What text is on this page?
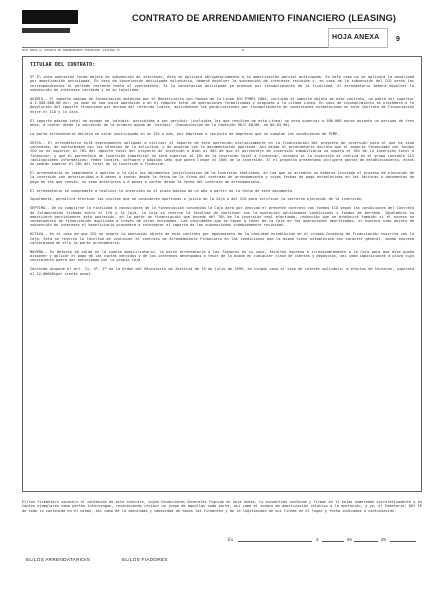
CONTRATO DE ARRENDAMIENTO FINANCIERO (LEASING)
HOJA ANEXA 9
HOJA ANEXA AL CONTRATO DE ARRENDAMIENTO FINANCIERO (LEASING) Nº	Nº
TITULAR DEL CONTRATO:

5º El esta operación forma objeto de subvención de intereses, ésta se aplicará obligatoriamente a la amortización parcial anticipada. En este caso no se aplicará la penalidad por amortización anticipada. En caso de cancelación anticipada voluntaria, deberá devolver la subvención de intereses recibida y, en caso de la subvención del ICO serán las correspondientes al período restante hasta el vencimiento. Si la cancelación anticipada se produce por incumplimiento de la finalidad, el arrendatario deberá devolver la subvención de intereses recibida y en su totalidad.

QUINTA.- El importe máximo de financiación obtenida por el Beneficiario con fondos de la Línea ICO PYMES 2004, incluido el importe objeto de este contrato, no podrá ser superior a 1.500.000,00 eur. ya sean en una única operación o en el cómputo total de operaciones formalizadas y acogidas a la citada Línea. En caso de incumplimiento se procederá a la devolución del importe financiado por encima del referido límite, aplicándose las penalizaciones por incumplimiento de condiciones establecidas en este Contrato de Financiación entre el ICO y la Caja.

El importe máximo total de ayudas de 'mínimis' percibidas o por percibir (incluidas las que resultan de esta Línea) no será superior a 100.000 euros durante un período de tres años, a contar desde la concesión de la primera ayuda de 'mínimis' (Comunicación de la Comisión 96/C 68/06, de 06.03.96).

La parte arrendataria declara no estar participada en un 25% o más, por empresas o conjunto de empresas que no cumplan las condiciones de PYME.

SEXTA.- El arrendatario está expresamente obligado a utilizar el importe de esta operación exclusivamente en la financiación del proyecto de inversión para el que ha sido concedida, de conformidad con los términos de la solicitud, y de acuerdo con la documentación aportada. Así mismo el arrendatario declara que el importe financiado con fondos ICO no es superior al 70% del importe total del proyecto de inversión o bien al 90% de que el porcentaje de inversión inmobiliaria no supera el 30% de la inversión total a financiar, y que el porcentaje de inversión inmaterial no será superior al 10% de la inversión total a financiar, excepto si la inversión se realiza en el grupo contable 215 (aplicaciones informáticas: redes locales, software y páginas web) que podrá llegar al 100% de la inversión. El el proyecto presentado incluyera gastos de establecimiento, éstos no podrán superar el 20% del total de la inversión a financiar.

El arrendatario se compromete a aportar a la Caja los documentos justificativos de la inversión realizada, en los que se acredite no haberse iniciado el proceso de ejecución de la inversión con anterioridad a 6 meses a contar desde la fecha de la firma del contrato de arrendamiento y cuyas fechas de pago establecidas en las facturas o documentos de pago en los que conste, no sean anteriores a 6 meses a contar desde la fecha del contrato de arrendamiento.

El arrendatario se compromete a realizar la inversión en el plazo máximo de un año a partir de la fecha de este documento.

Igualmente, permitirá efectuar las visitas que se consideren oportunas a juicio de la Caja o del ICO para verificar la correcta ejecución de la inversión.

SÉPTIMA.- De no cumplirse la finalidad ó condiciones de la financiación concedida la Caja dará por vencido el presente contrato con fondos ICO según las condiciones del Contrato de Colaboración firmado entre el ICO y la Caja, la Caja se reserva la facultad de continuar con la operación aplicándose condiciones y fondos de mercado. Igualmente se amortizará parcialmente esta operación, en la parte de financiación que exceda del 70% de la inversión real efectuada, reducción que se producirá también si el exceso se consecuencia de financiación duplicada a través de otras entidades. Las cantidades que se hayan a favor de la Caja en las operaciones amortizadas, si hubiera sido objeto de subvención de intereses el beneficiario procederá a reintegrar el importe de las subvenciones indebidamente recibidas.

OCTAVA.- En el caso de que ICO no acepte la operación objeto de este contrato por agotamiento de la cantidad establecida en el citado Convenio de Financiación suscrito con la Caja, ésta se reserva la facultad de continuar el contrato de Arrendamiento Financiero en las condiciones que la misma tiene establecida con carácter general, dando expresa conformidad de ello la parte arrendataria.

NOVENA.- En defecto de saldo en la cuenta domiciliataria, la parte arrendataria o los fiadores en su caso, faculten expresa e irrevocablemente a la Caja para que ésta pueda disponer y aplicar el pago de las cuotas vencidas y de los intereses devengados a favor de la misma en cualquier clase de cuentas y depósitos, así como imposiciones a plazo cuyo vencimiento podrá ser anticipado por la propia Caja.

Conforme dispone el art. 11, 4º, 5º de la Orden del Ministerio de Justicia de 19 de julio de 1999, en ningún caso el tipo de interés aplicable, a efectos de terceros, superará el 12,00000%por ciento anual.

El/los firmante/s conoce/n el contenido de este contrato, cuyas Condiciones Generales figuran en hoja anexa, lo encuentran conforme y firman en 11 hojas numeradas correlativamente y en tantos ejemplares como partes intervengan, reconociendo recibir un juego de aquellas cada parte, así como el cuadro de amortización relativo a la operación, y yo, el Fedatario, DOY FE de todo lo contenido en el mismo, así como de la identidad y capacidad de todos los firmantes y de la legitimidad de sus firmas en el lugar y fecha indicados a continuación.
En	a	de	de
EL/LOS ARRENDATARIO/S	EL/LOS FIADORES
